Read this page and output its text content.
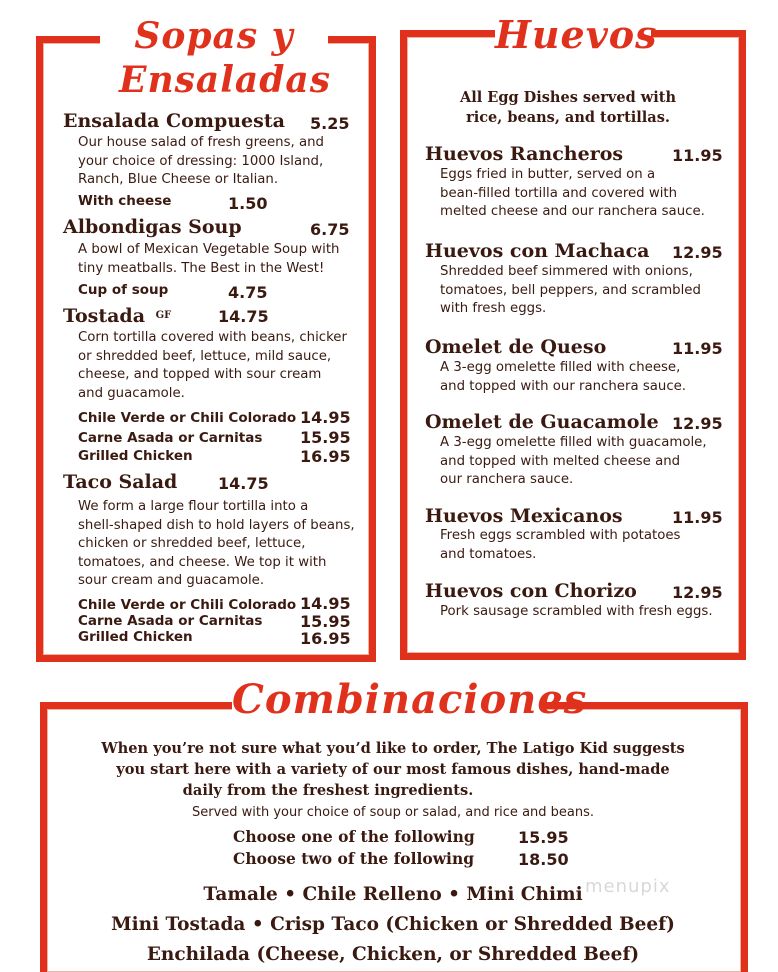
Sopas y Ensaladas
Ensalada Compuesta 5.25
Our house salad of fresh greens, and
your choice of dressing: 1000 Island,
Ranch, Blue Cheese or Italian.
With cheese	1.50
Albondigas Soup	6.75
A bowl of Mexican Vegetable Soup with
tiny meatballs. The Best in the West!
Cup of soup	4.75
Tostada $^{GF}$	14.75
Corn tortilla covered with beans, chicker
or shredded beef, lettuce, mild sauce,
cheese, and topped with sour cream
and guacamole.
Chile Verde or Chili Colorado 14.95
Carne Asada or Carnitas 15.95
Grilled Chicken	16.95
Taco Salad	14.75
We form a large flour tortilla into a
shell-shaped dish to hold layers of beans,
chicken or shredded beef, lettuce,
tomatoes, and cheese. We top it with
sour cream and guacamole.
Chile Verde or Chili Colorado 14.95
Carne Asada or Carnitas 15.95
Grilled Chicken	16.95
Huevos
All Egg Dishes served with
rice, beans, and tortillas.
Huevos Rancheros	11.95
Eggs fried in butter, served on a
bean-filled tortilla and covered with
melted cheese and our ranchera sauce.
Huevos con Machaca 12.95
Shredded beef simmered with onions,
tomatoes, bell peppers, and scrambled
with fresh eggs.
Omelet de Queso	11.95
A 3-egg omelette filled with cheese,
and topped with our ranchera sauce.
Omelet de Guacamole 12.95
A 3-egg omelette filled with guacamole,
and topped with melted cheese and
our ranchera sauce.
Huevos Mexicanos	11.95
Fresh eggs scrambled with potatoes
and tomatoes.
Huevos con Chorizo 12.95
Pork sausage scrambled with fresh eggs.
Combinaciones
When you’re not sure what you’d like to order, The Latigo Kid suggests
you start here with a variety of our most famous dishes, hand-made
daily from the freshest ingredients.
Served with your choice of soup or salad, and rice and beans.
Choose one of the following	15.95
Choose two of the following	18.50
Tamale • Chile Relleno • Mini Chimi
Mini Tostada • Crisp Taco (Chicken or Shredded Beef)
Enchilada (Cheese, Chicken, or Shredded Beef)
menupix
